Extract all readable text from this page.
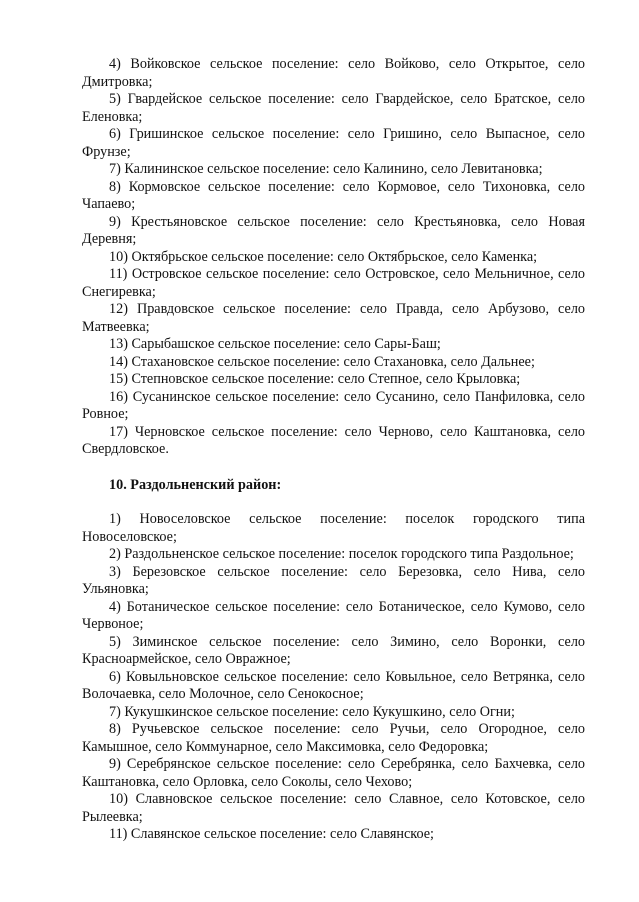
4) Войковское сельское поселение: село Войково, село Открытое, село Дмитровка;

5) Гвардейское сельское поселение: село Гвардейское, село Братское, село Еленовка;

6) Гришинское сельское поселение: село Гришино, село Выпасное, село Фрунзе;

7) Калининское сельское поселение: село Калинино, село Левитановка;

8) Кормовское сельское поселение: село Кормовое, село Тихоновка, село Чапаево;

9) Крестьяновское сельское поселение: село Крестьяновка, село Новая Деревня;

10) Октябрьское сельское поселение: село Октябрьское, село Каменка;

11) Островское сельское поселение: село Островское, село Мельничное, село Снегиревка;

12) Правдовское сельское поселение: село Правда, село Арбузово, село Матвеевка;

13) Сарыбашское сельское поселение: село Сары-Баш;

14) Стахановское сельское поселение: село Стахановка, село Дальнее;

15) Степновское сельское поселение: село Степное, село Крыловка;

16) Сусанинское сельское поселение: село Сусанино, село Панфиловка, село Ровное;

17) Черновское сельское поселение: село Черново, село Каштановка, село Свердловское.

10. Раздольненский район:

1) Новоселовское сельское поселение: поселок городского типа Новоселовское;

2) Раздольненское сельское поселение: поселок городского типа Раздольное;

3) Березовское сельское поселение: село Березовка, село Нива, село Ульяновка;

4) Ботаническое сельское поселение: село Ботаническое, село Кумово, село Червоное;

5) Зиминское сельское поселение: село Зимино, село Воронки, село Красноармейское, село Овражное;

6) Ковыльновское сельское поселение: село Ковыльное, село Ветрянка, село Волочаевка, село Молочное, село Сенокосное;

7) Кукушкинское сельское поселение: село Кукушкино, село Огни;

8) Ручьевское сельское поселение: село Ручьи, село Огородное, село Камышное, село Коммунарное, село Максимовка, село Федоровка;

9) Серебрянское сельское поселение: село Серебрянка, село Бахчевка, село Каштановка, село Орловка, село Соколы, село Чехово;

10) Славновское сельское поселение: село Славное, село Котовское, село Рылеевка;

11) Славянское сельское поселение: село Славянское;
